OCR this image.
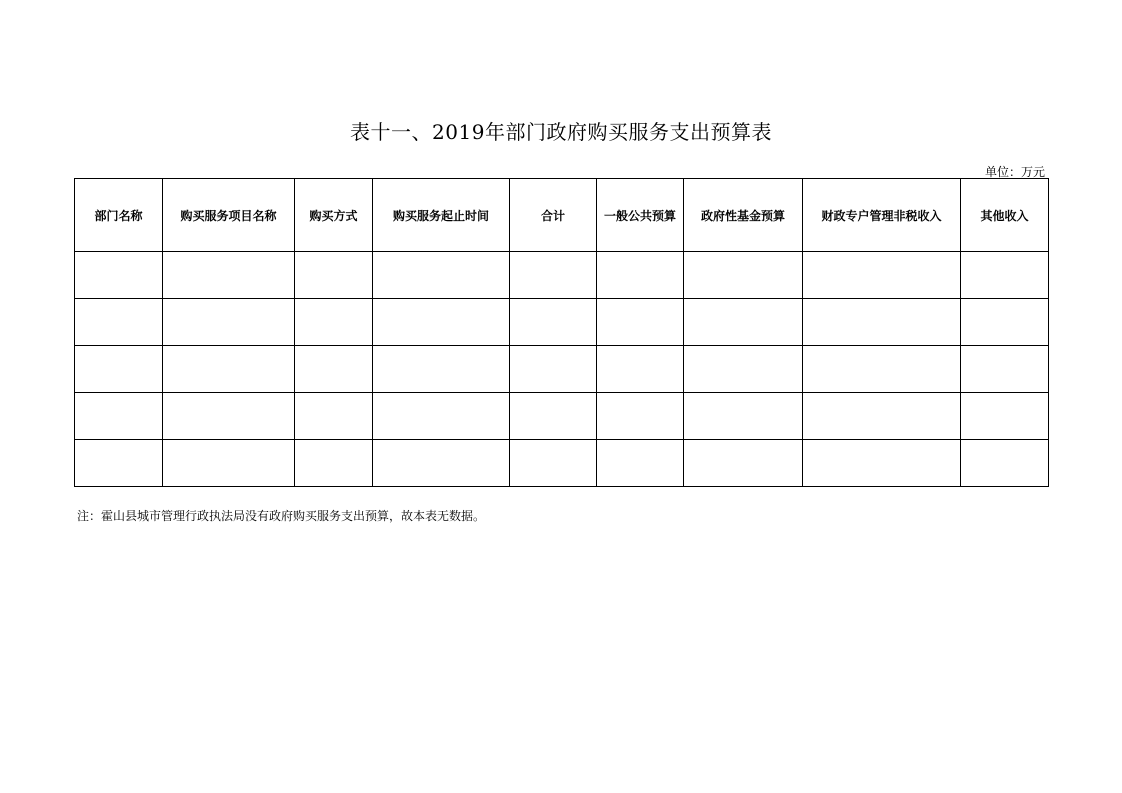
表十一、2019年部门政府购买服务支出预算表
单位：万元
部门名称	购买服务项目名称	购买方式	购买服务起止时间	合计	一般公共预算	政府性基金预算	财政专户管理非税收入	其他收入

注：霍山县城市管理行政执法局没有政府购买服务支出预算，故本表无数据。
